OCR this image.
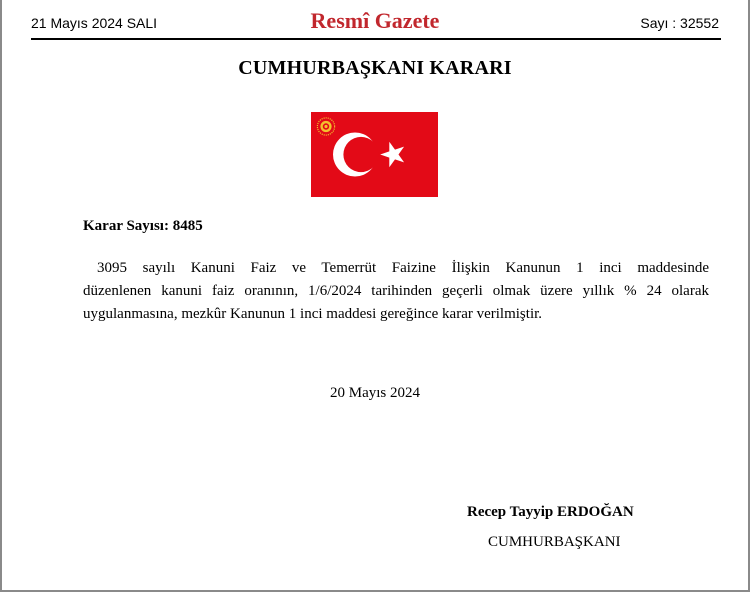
21 Mayıs 2024 SALI	Resmî Gazete	Sayı : 32552
CUMHURBAŞKANI KARARI
Karar Sayısı: 8485
3095 sayılı Kanuni Faiz ve Temerrüt Faizine İlişkin Kanunun 1 inci maddesinde
düzenlenen kanuni faiz oranının, 1/6/2024 tarihinden geçerli olmak üzere yıllık % 24 olarak
uygulanmasına, mezkûr Kanunun 1 inci maddesi gereğince karar verilmiştir.
20 Mayıs 2024
Recep Tayyip ERDOĞAN
CUMHURBAŞKANI
